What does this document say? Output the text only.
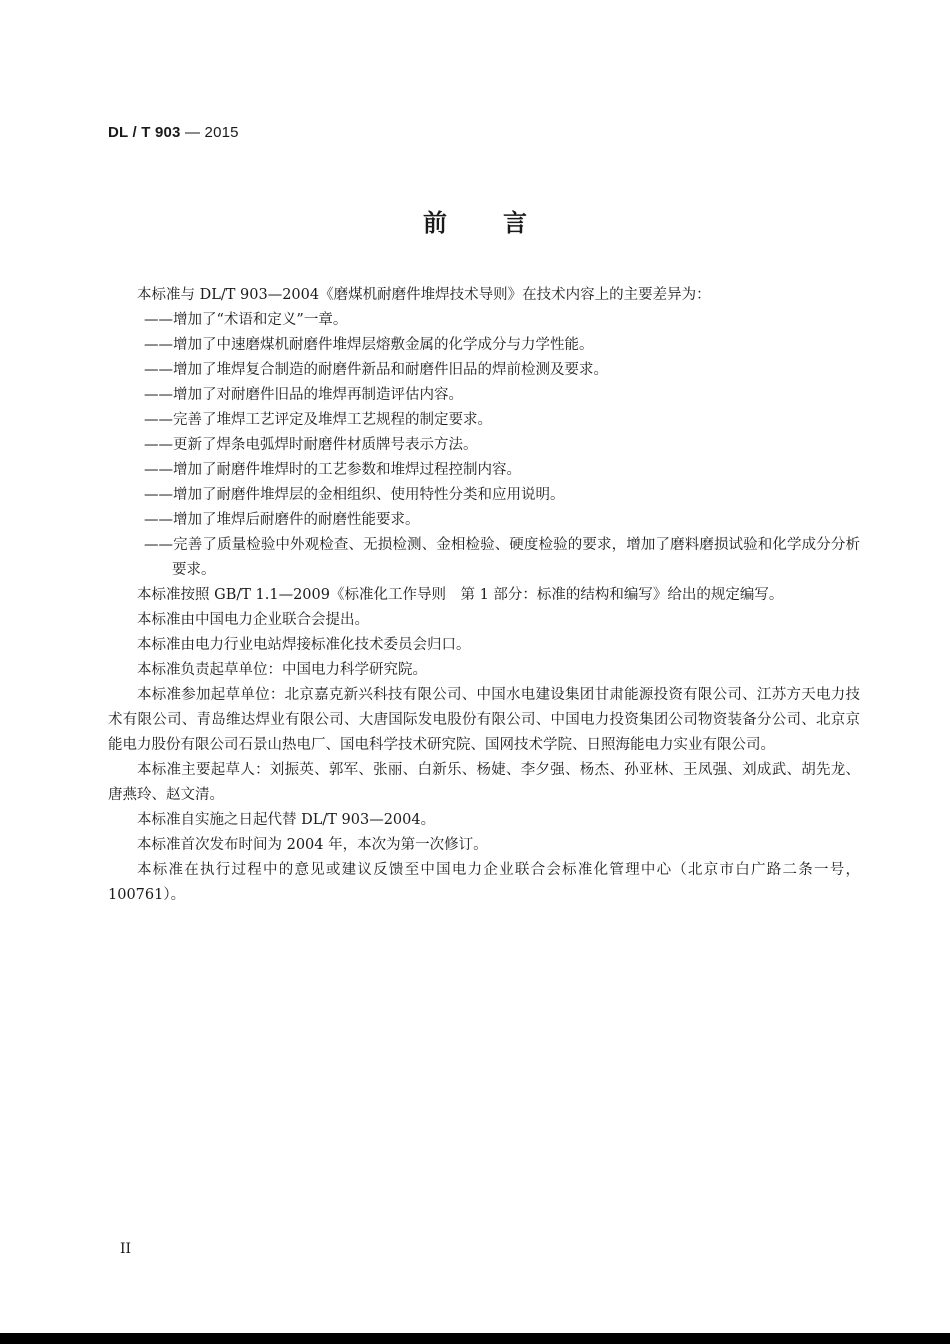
DL / T 903 — 2015
前言

本标准与 DL/T 903—2004《磨煤机耐磨件堆焊技术导则》在技术内容上的主要差异为：

——增加了“术语和定义”一章。

——增加了中速磨煤机耐磨件堆焊层熔敷金属的化学成分与力学性能。

——增加了堆焊复合制造的耐磨件新品和耐磨件旧品的焊前检测及要求。

——增加了对耐磨件旧品的堆焊再制造评估内容。

——完善了堆焊工艺评定及堆焊工艺规程的制定要求。

——更新了焊条电弧焊时耐磨件材质牌号表示方法。

——增加了耐磨件堆焊时的工艺参数和堆焊过程控制内容。

——增加了耐磨件堆焊层的金相组织、使用特性分类和应用说明。

——增加了堆焊后耐磨件的耐磨性能要求。

——完善了质量检验中外观检查、无损检测、金相检验、硬度检验的要求，增加了磨料磨损试验和化学成分分析要求。

本标准按照 GB/T 1.1—2009《标准化工作导则　第 1 部分：标准的结构和编写》给出的规定编写。

本标准由中国电力企业联合会提出。

本标准由电力行业电站焊接标准化技术委员会归口。

本标准负责起草单位：中国电力科学研究院。

本标准参加起草单位：北京嘉克新兴科技有限公司、中国水电建设集团甘肃能源投资有限公司、江苏方天电力技术有限公司、青岛维达焊业有限公司、大唐国际发电股份有限公司、中国电力投资集团公司物资装备分公司、北京京能电力股份有限公司石景山热电厂、国电科学技术研究院、国网技术学院、日照海能电力实业有限公司。

本标准主要起草人：刘振英、郭军、张丽、白新乐、杨婕、李夕强、杨杰、孙亚林、王凤强、刘成武、胡先龙、唐燕玲、赵文清。

本标准自实施之日起代替 DL/T 903—2004。

本标准首次发布时间为 2004 年，本次为第一次修订。

本标准在执行过程中的意见或建议反馈至中国电力企业联合会标准化管理中心（北京市白广路二条一号，100761）。

II
